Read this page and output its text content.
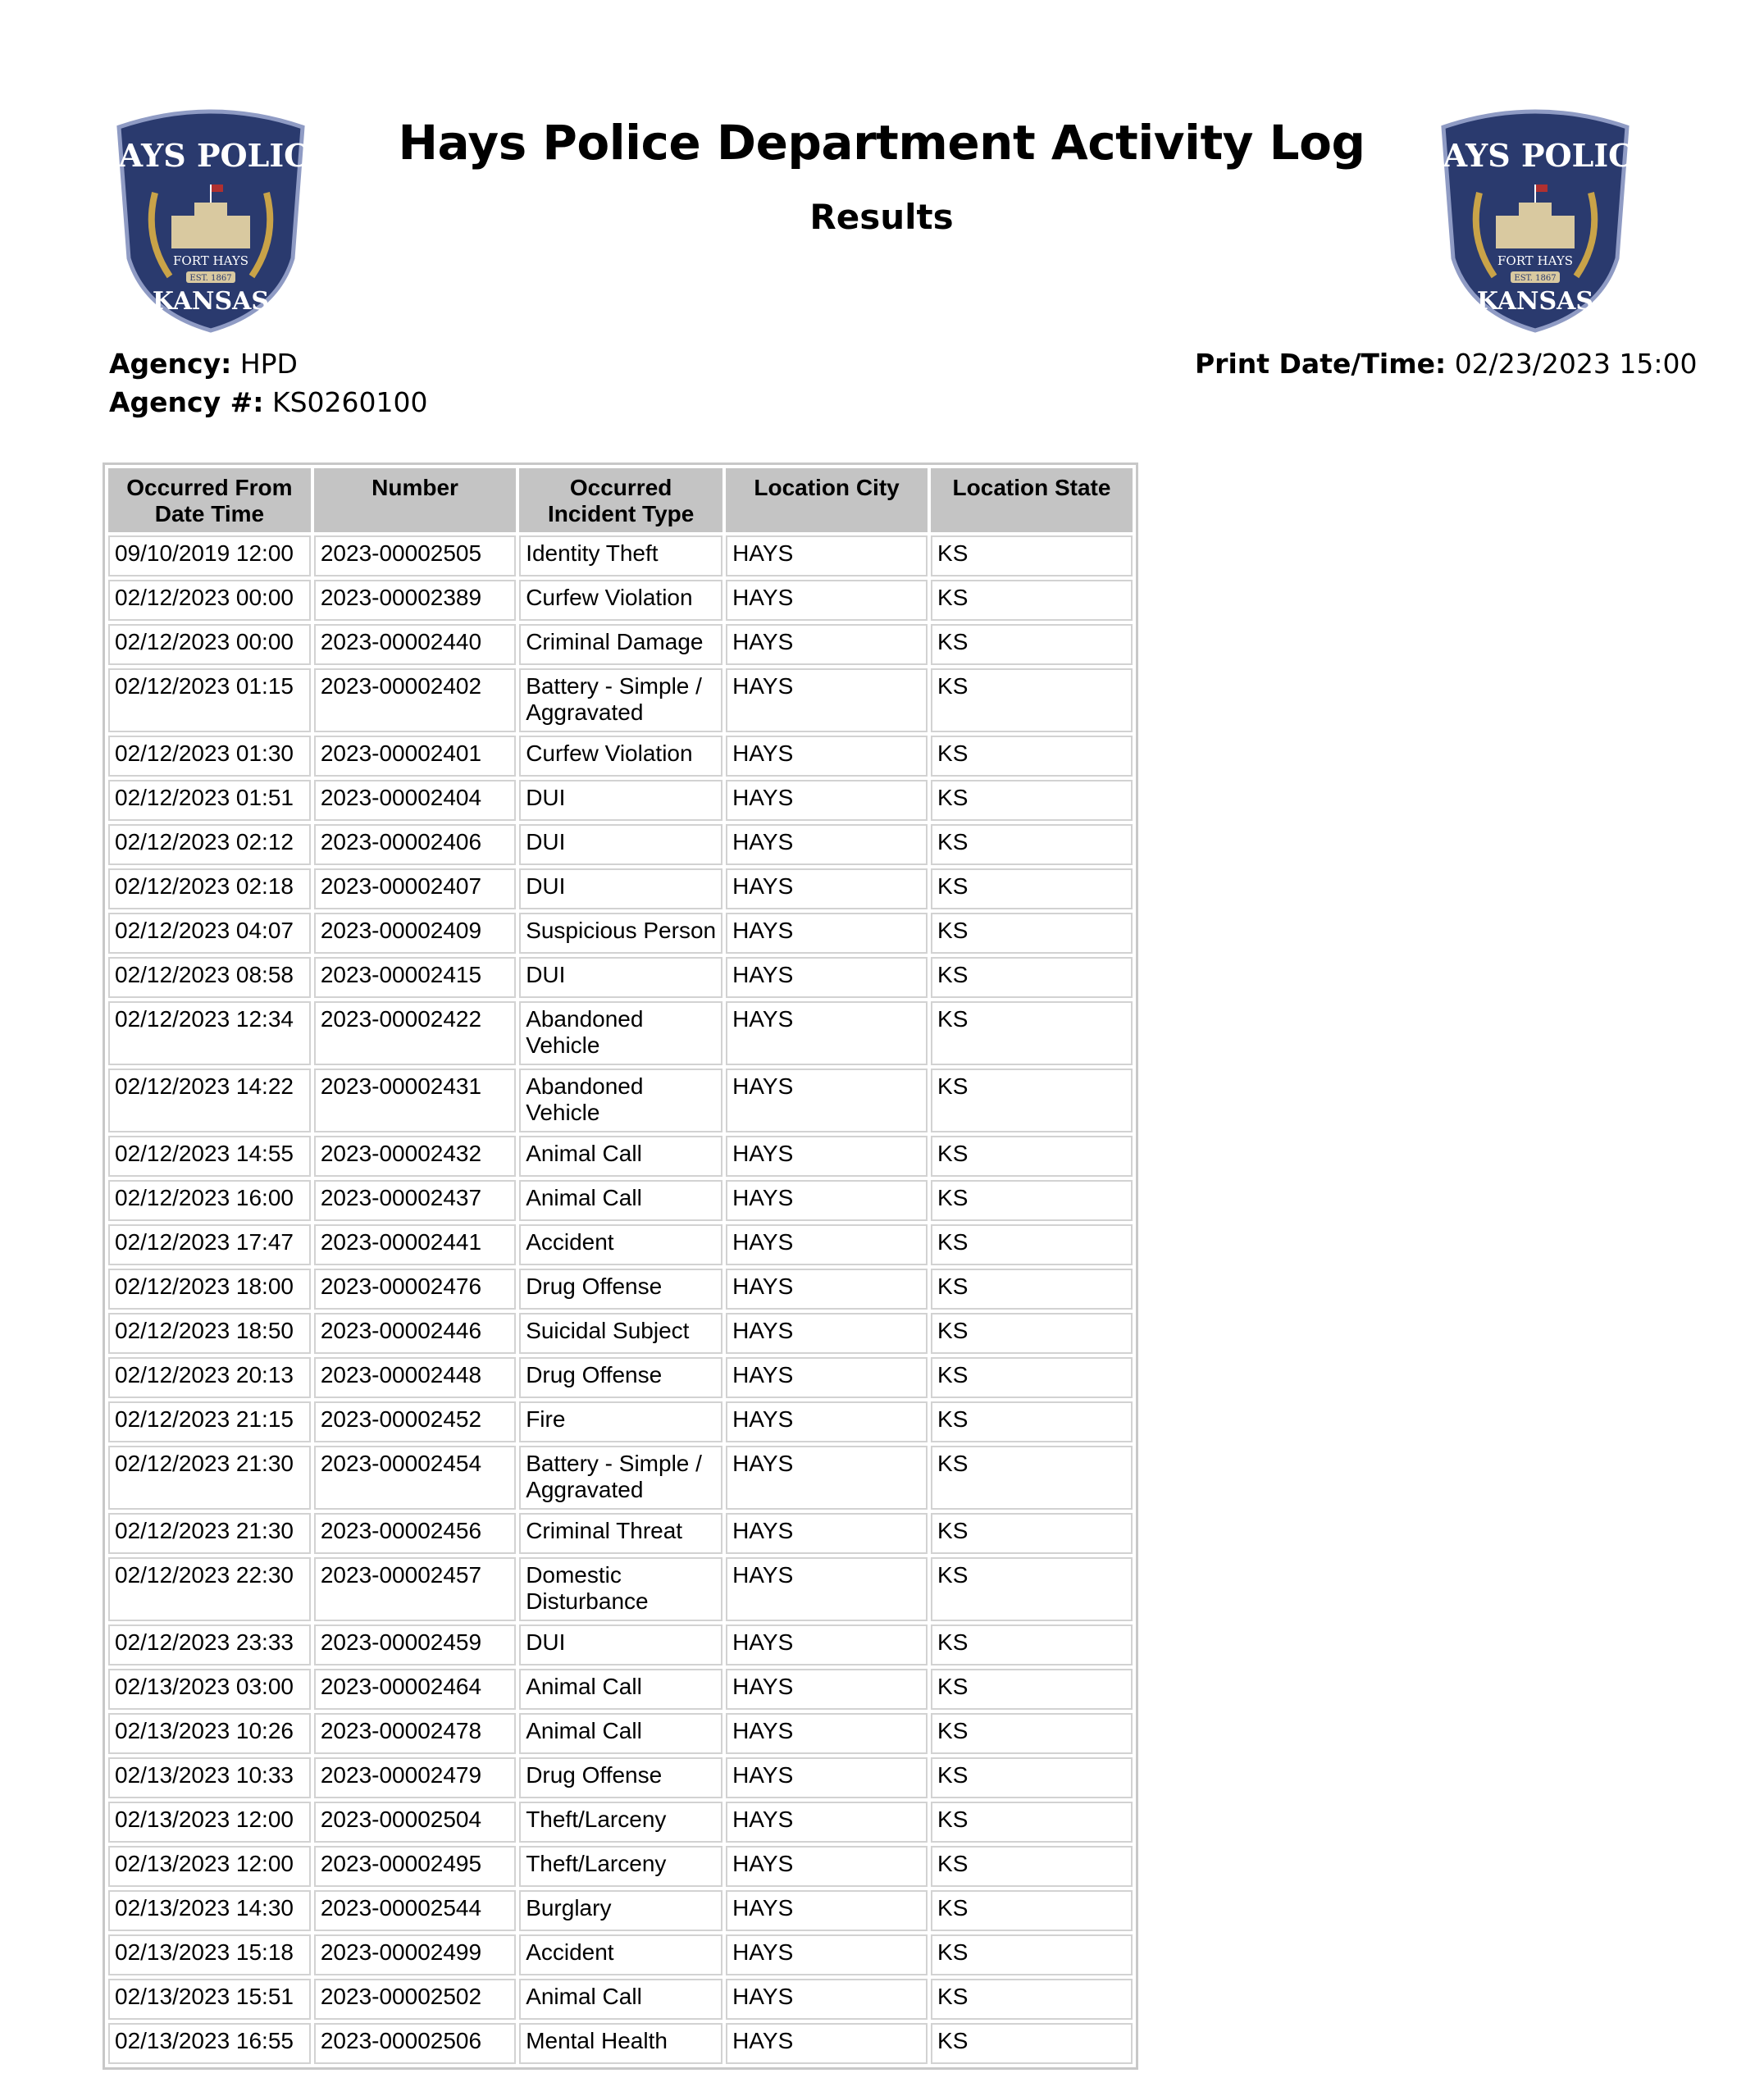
HAYS POLICE
FORT HAYS
EST. 1867
KANSAS
HAYS POLICE
FORT HAYS
EST. 1867
KANSAS
Hays Police Department Activity Log
Results
Agency: HPD
Agency #: KS0260100
Print Date/Time: 02/23/2023 15:00
Occurred From Date Time	Number	Occurred Incident Type	Location City	Location State
09/10/2019 12:00	2023-00002505	Identity Theft	HAYS	KS
02/12/2023 00:00	2023-00002389	Curfew Violation	HAYS	KS
02/12/2023 00:00	2023-00002440	Criminal Damage	HAYS	KS
02/12/2023 01:15	2023-00002402	Battery - Simple / Aggravated	HAYS	KS
02/12/2023 01:30	2023-00002401	Curfew Violation	HAYS	KS
02/12/2023 01:51	2023-00002404	DUI	HAYS	KS
02/12/2023 02:12	2023-00002406	DUI	HAYS	KS
02/12/2023 02:18	2023-00002407	DUI	HAYS	KS
02/12/2023 04:07	2023-00002409	Suspicious Person	HAYS	KS
02/12/2023 08:58	2023-00002415	DUI	HAYS	KS
02/12/2023 12:34	2023-00002422	Abandoned Vehicle	HAYS	KS
02/12/2023 14:22	2023-00002431	Abandoned Vehicle	HAYS	KS
02/12/2023 14:55	2023-00002432	Animal Call	HAYS	KS
02/12/2023 16:00	2023-00002437	Animal Call	HAYS	KS
02/12/2023 17:47	2023-00002441	Accident	HAYS	KS
02/12/2023 18:00	2023-00002476	Drug Offense	HAYS	KS
02/12/2023 18:50	2023-00002446	Suicidal Subject	HAYS	KS
02/12/2023 20:13	2023-00002448	Drug Offense	HAYS	KS
02/12/2023 21:15	2023-00002452	Fire	HAYS	KS
02/12/2023 21:30	2023-00002454	Battery - Simple / Aggravated	HAYS	KS
02/12/2023 21:30	2023-00002456	Criminal Threat	HAYS	KS
02/12/2023 22:30	2023-00002457	Domestic Disturbance	HAYS	KS
02/12/2023 23:33	2023-00002459	DUI	HAYS	KS
02/13/2023 03:00	2023-00002464	Animal Call	HAYS	KS
02/13/2023 10:26	2023-00002478	Animal Call	HAYS	KS
02/13/2023 10:33	2023-00002479	Drug Offense	HAYS	KS
02/13/2023 12:00	2023-00002504	Theft/Larceny	HAYS	KS
02/13/2023 12:00	2023-00002495	Theft/Larceny	HAYS	KS
02/13/2023 14:30	2023-00002544	Burglary	HAYS	KS
02/13/2023 15:18	2023-00002499	Accident	HAYS	KS
02/13/2023 15:51	2023-00002502	Animal Call	HAYS	KS
02/13/2023 16:55	2023-00002506	Mental Health	HAYS	KS
